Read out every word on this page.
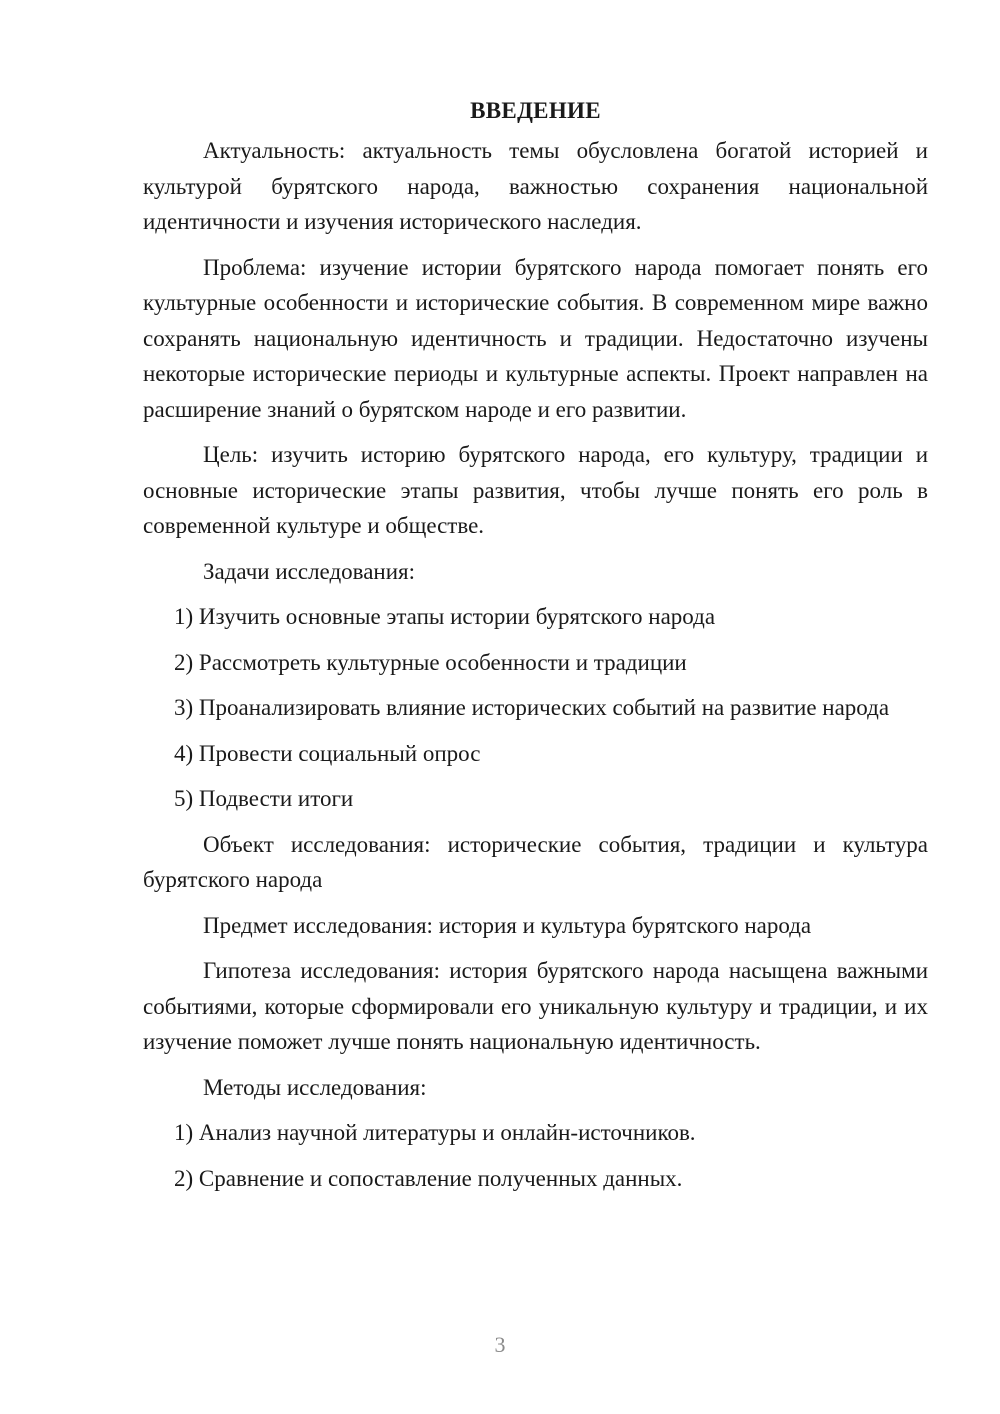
ВВЕДЕНИЕ

Актуальность: актуальность темы обусловлена богатой историей и культурой бурятского народа, важностью сохранения национальной идентичности и изучения исторического наследия.

Проблема: изучение истории бурятского народа помогает понять его культурные особенности и исторические события. В современном мире важно сохранять национальную идентичность и традиции. Недостаточно изучены некоторые исторические периоды и культурные аспекты. Проект направлен на расширение знаний о бурятском народе и его развитии.

Цель: изучить историю бурятского народа, его культуру, традиции и основные исторические этапы развития, чтобы лучше понять его роль в современной культуре и обществе.

Задачи исследования:

1) Изучить основные этапы истории бурятского народа

2) Рассмотреть культурные особенности и традиции

3) Проанализировать влияние исторических событий на развитие народа

4) Провести социальный опрос

5) Подвести итоги

Объект исследования: исторические события, традиции и культура бурятского народа

Предмет исследования: история и культура бурятского народа

Гипотеза исследования: история бурятского народа насыщена важными событиями, которые сформировали его уникальную культуру и традиции, и их изучение поможет лучше понять национальную идентичность.

Методы исследования:

1) Анализ научной литературы и онлайн-источников.

2) Сравнение и сопоставление полученных данных.

3
